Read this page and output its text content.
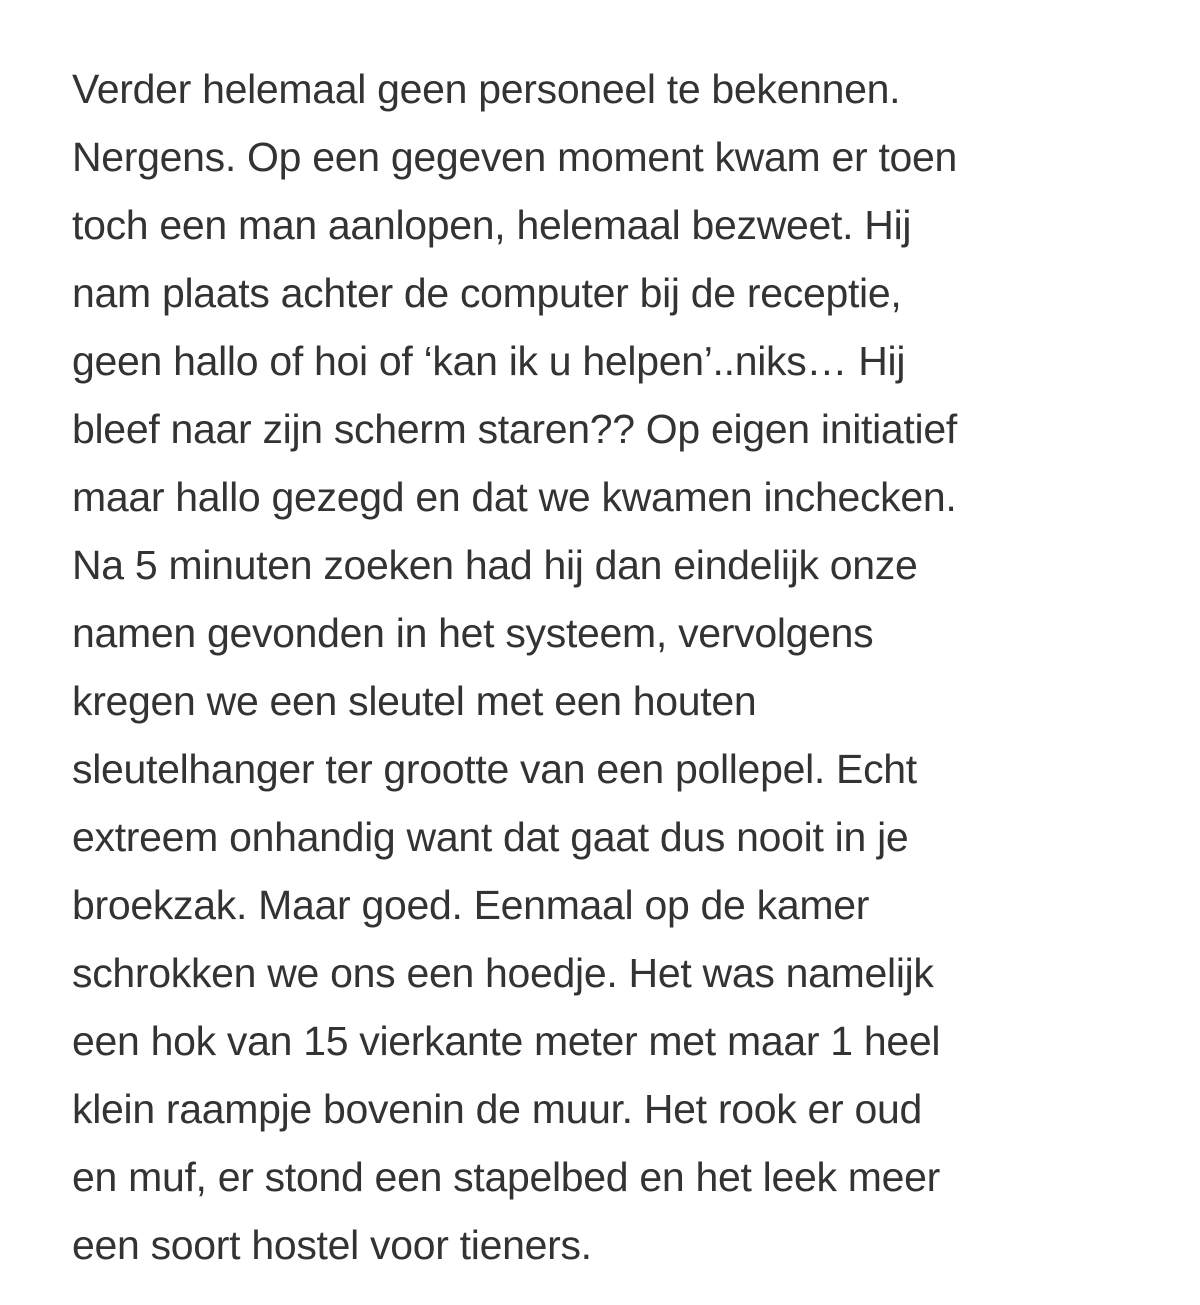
Verder helemaal geen personeel te bekennen.
Nergens. Op een gegeven moment kwam er toen
toch een man aanlopen, helemaal bezweet. Hij
nam plaats achter de computer bij de receptie,
geen hallo of hoi of ‘kan ik u helpen’..niks… Hij
bleef naar zijn scherm staren?? Op eigen initiatief
maar hallo gezegd en dat we kwamen inchecken.
Na 5 minuten zoeken had hij dan eindelijk onze
namen gevonden in het systeem, vervolgens
kregen we een sleutel met een houten
sleutelhanger ter grootte van een pollepel. Echt
extreem onhandig want dat gaat dus nooit in je
broekzak. Maar goed. Eenmaal op de kamer
schrokken we ons een hoedje. Het was namelijk
een hok van 15 vierkante meter met maar 1 heel
klein raampje bovenin de muur. Het rook er oud
en muf, er stond een stapelbed en het leek meer
een soort hostel voor tieners.
